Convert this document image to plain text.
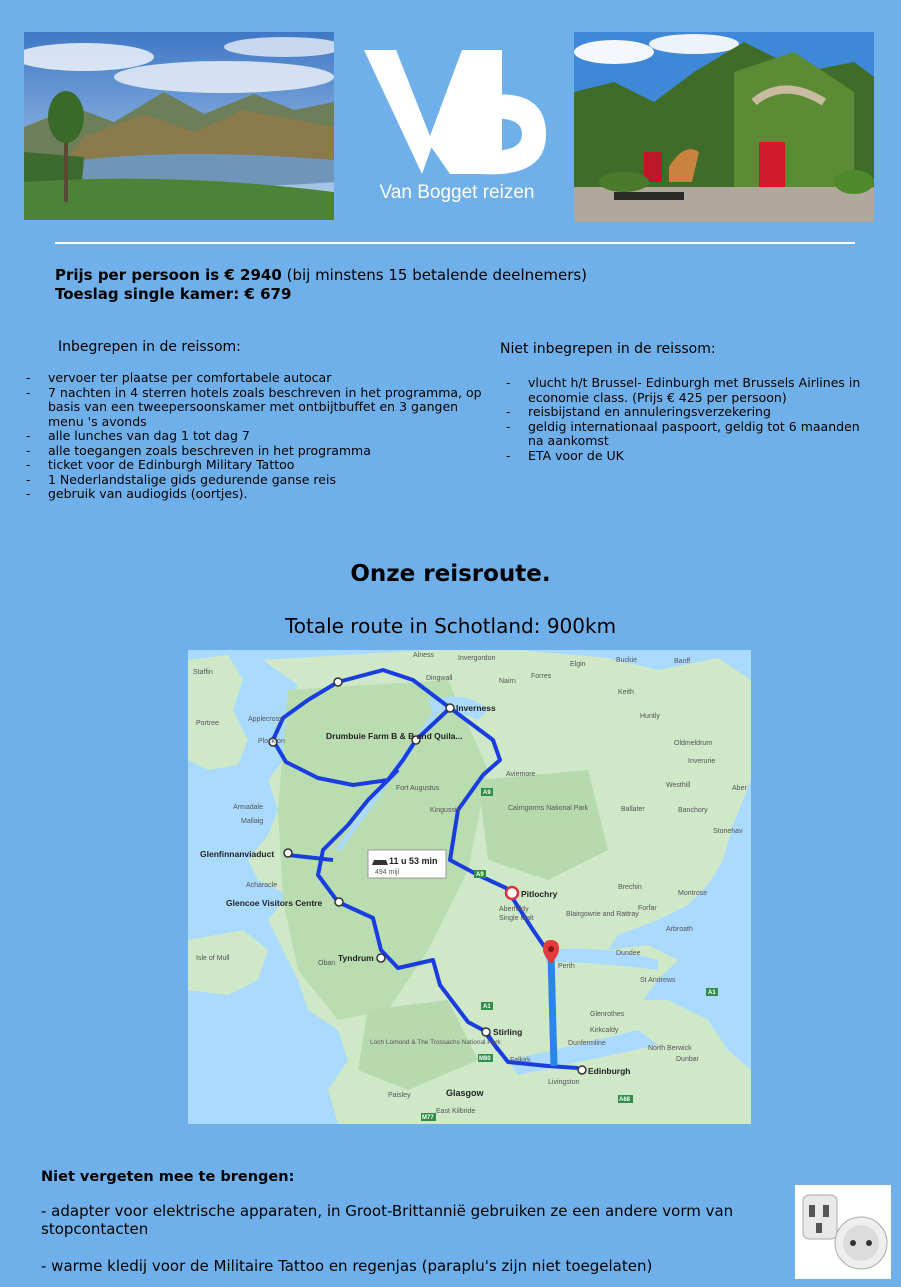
Van Bogget reizen
Prijs per persoon is € 2940 (bij minstens 15 betalende deelnemers)
Toeslag single kamer: € 679
Inbegrepen in de reissom:
- vervoer ter plaatse per comfortabele autocar
- 7 nachten in 4 sterren hotels zoals beschreven in het programma, op basis van een tweepersoonskamer met ontbijtbuffet en 3 gangen menu 's avonds
- alle lunches van dag 1 tot dag 7
- alle toegangen zoals beschreven in het programma
- ticket voor de Edinburgh Military Tattoo
- 1 Nederlandstalige gids gedurende ganse reis
- gebruik van audiogids (oortjes).
Niet inbegrepen in de reissom:
- vlucht h/t Brussel- Edinburgh met Brussels Airlines in economie class. (Prijs € 425 per persoon)
- reisbijstand en annuleringsverzekering
- geldig internationaal paspoort, geldig tot 6 maanden na aankomst
- ETA voor de UK
Onze reisroute.
Totale route in Schotland: 900km
A9
A9
A1
A1
M80
M77
A68
11 u 53 min
494 mijl
Inverness
Drumbuie Farm B & B and Quila...
Glenfinnanviaduct
Glencoe Visitors Centre
Tyndrum
Stirling
Edinburgh
Pitlochry
Alness	Invergordon
Elgin
Buckie	Banff
Staffin
Dingwall	Nairn
Forres
Keith
Huntly
Portree
Applecross
Plockton	Oldmeldrum
Inverurie
Aviemore
Fort Augustus
Kingussie	Cairngorms National Park	Ballater
Armadale
Mallaig
Westhill
Banchory
Aber
Stonehav
Acharacle	Brechin
Montrose
Aberfeldy
Single Malt
Blairgowrie and Rattray
Forfar
Arbroath
Oban
Isle of Mull
Perth
Dundee
St Andrews
Glenrothes
Kirkcaldy
North Berwick
Dunbar
Loch Lomond & The Trossachs National Park	Dunfermline
Falkirk
Livingston
Glasgow
Paisley
East Kilbride
Niet vergeten mee te brengen:
- adapter voor elektrische apparaten, in Groot-Brittannië gebruiken ze een andere vorm van stopcontacten
- warme kledij voor de Militaire Tattoo en regenjas (paraplu's zijn niet toegelaten)
